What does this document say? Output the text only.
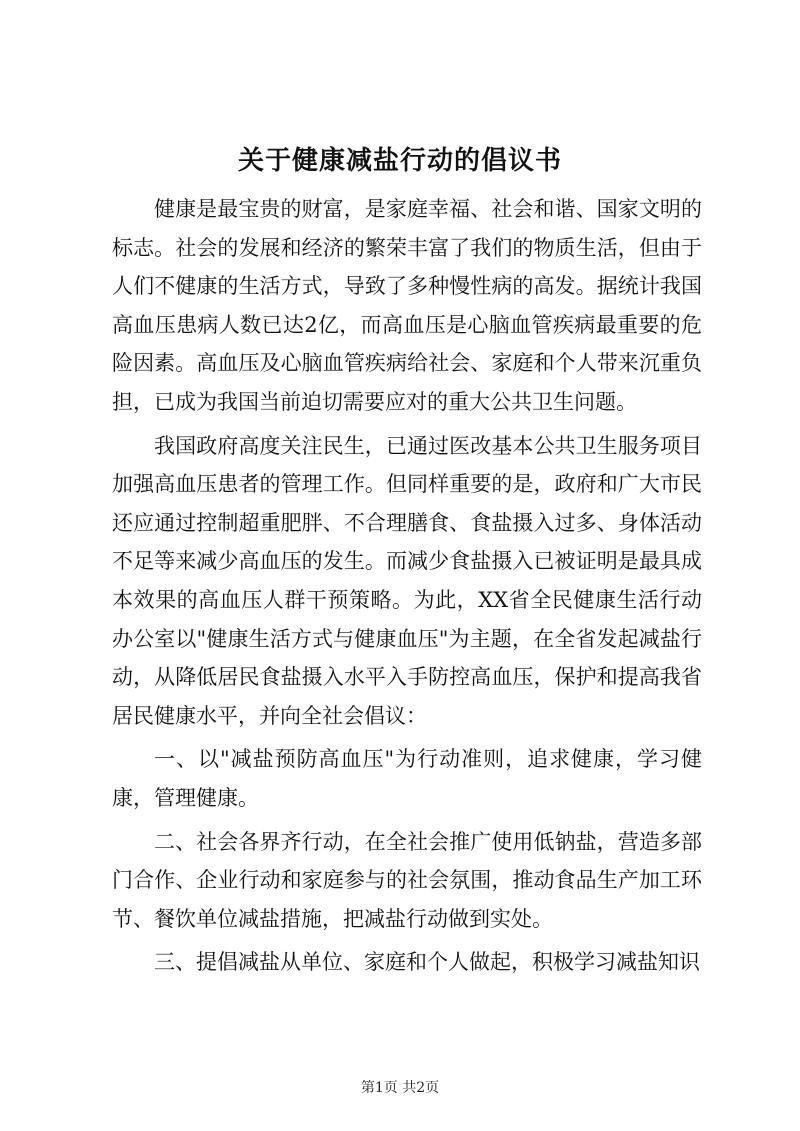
关于健康减盐行动的倡议书

健康是最宝贵的财富，是家庭幸福、社会和谐、国家文明的标志。社会的发展和经济的繁荣丰富了我们的物质生活，但由于人们不健康的生活方式，导致了多种慢性病的高发。据统计我国高血压患病人数已达2亿，而高血压是心脑血管疾病最重要的危险因素。高血压及心脑血管疾病给社会、家庭和个人带来沉重负担，已成为我国当前迫切需要应对的重大公共卫生问题。

我国政府高度关注民生，已通过医改基本公共卫生服务项目加强高血压患者的管理工作。但同样重要的是，政府和广大市民还应通过控制超重肥胖、不合理膳食、食盐摄入过多、身体活动不足等来减少高血压的发生。而减少食盐摄入已被证明是最具成本效果的高血压人群干预策略。为此，XX省全民健康生活行动办公室以"健康生活方式与健康血压"为主题，在全省发起减盐行动，从降低居民食盐摄入水平入手防控高血压，保护和提高我省居民健康水平，并向全社会倡议：

一、以"减盐预防高血压"为行动准则，追求健康，学习健康，管理健康。

二、社会各界齐行动，在全社会推广使用低钠盐，营造多部门合作、企业行动和家庭参与的社会氛围，推动食品生产加工环节、餐饮单位减盐措施，把减盐行动做到实处。

三、提倡减盐从单位、家庭和个人做起，积极学习减盐知识

第1页 共2页
